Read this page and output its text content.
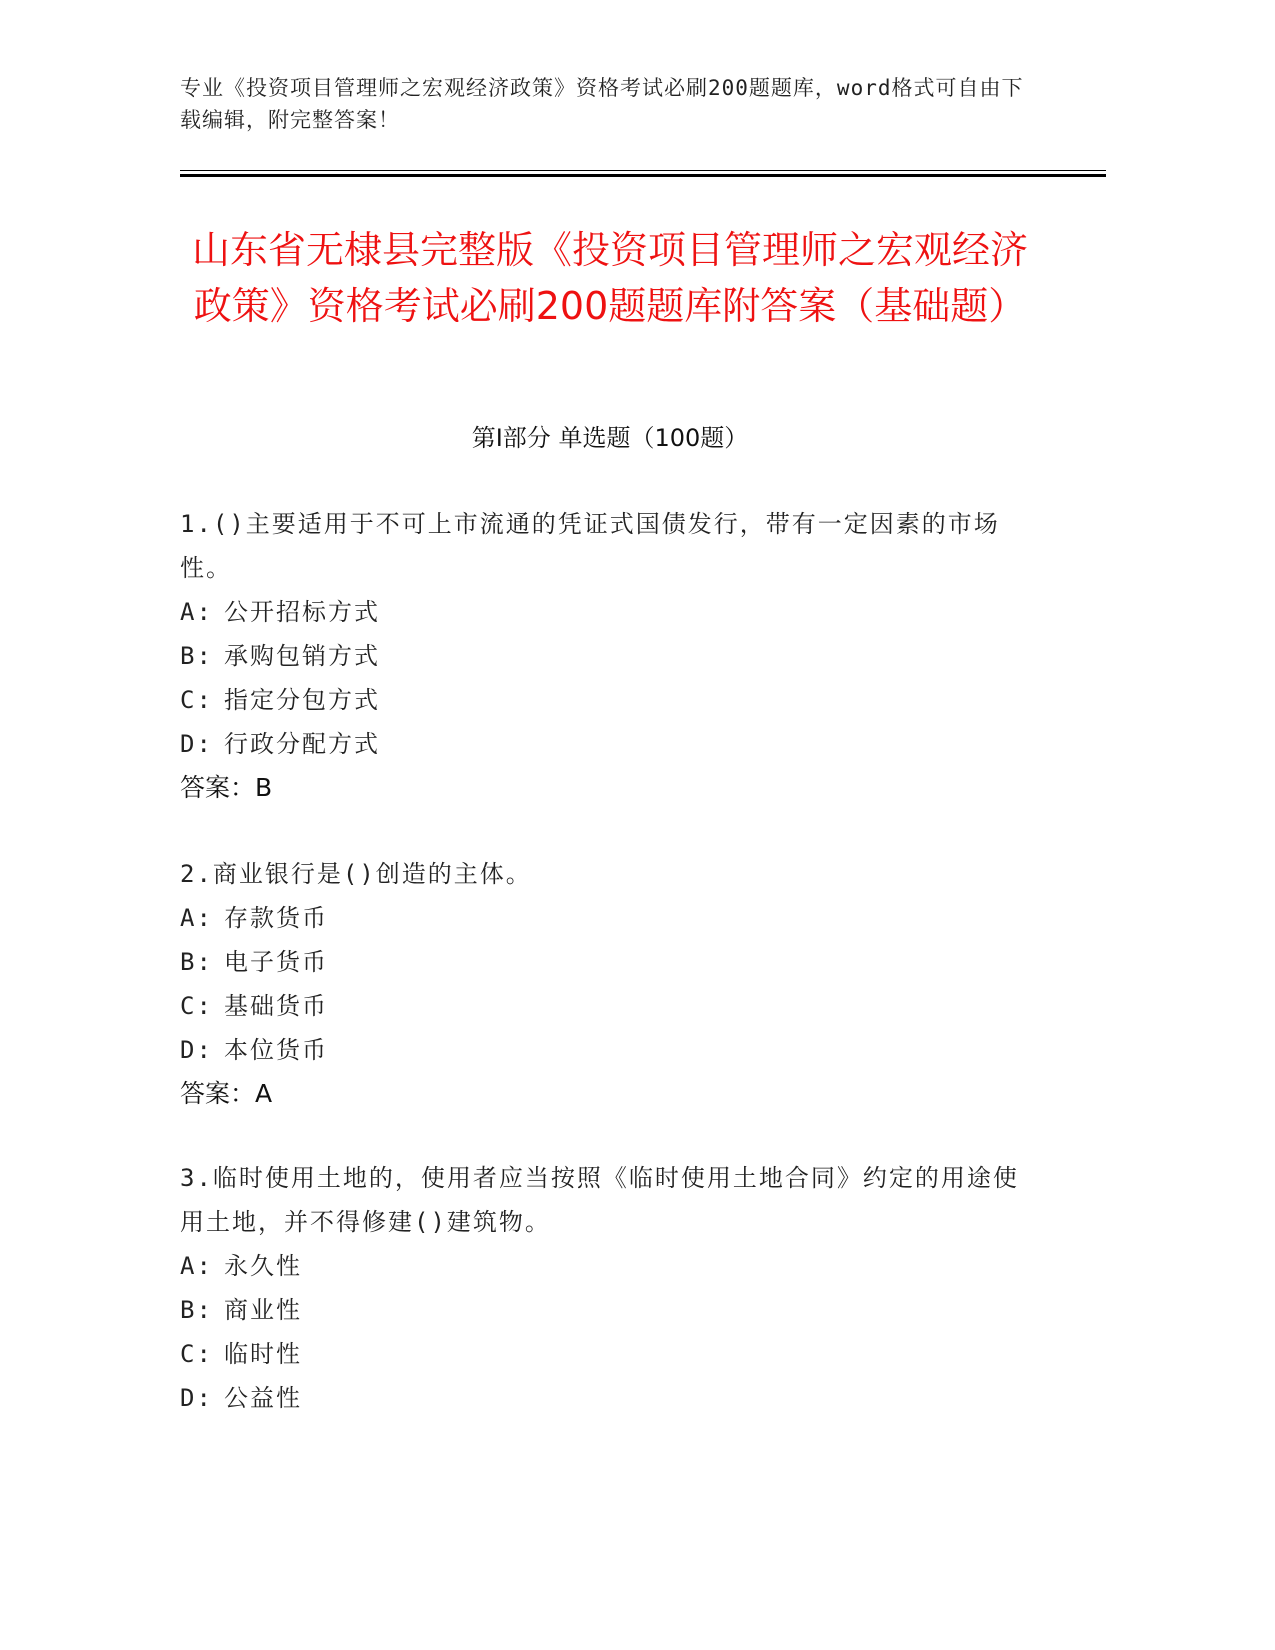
专业《投资项目管理师之宏观经济政策》资格考试必刷200题题库，word格式可自由下载编辑，附完整答案！
山东省无棣县完整版《投资项目管理师之宏观经济政策》资格考试必刷200题题库附答案（基础题）
第I部分 单选题（100题）
1.()主要适用于不可上市流通的凭证式国债发行，带有一定因素的市场性。
A: 公开招标方式
B: 承购包销方式
C: 指定分包方式
D: 行政分配方式
答案：B
2.商业银行是()创造的主体。
A: 存款货币
B: 电子货币
C: 基础货币
D: 本位货币
答案：A
3.临时使用土地的，使用者应当按照《临时使用土地合同》约定的用途使用土地，并不得修建()建筑物。
A: 永久性
B: 商业性
C: 临时性
D: 公益性
